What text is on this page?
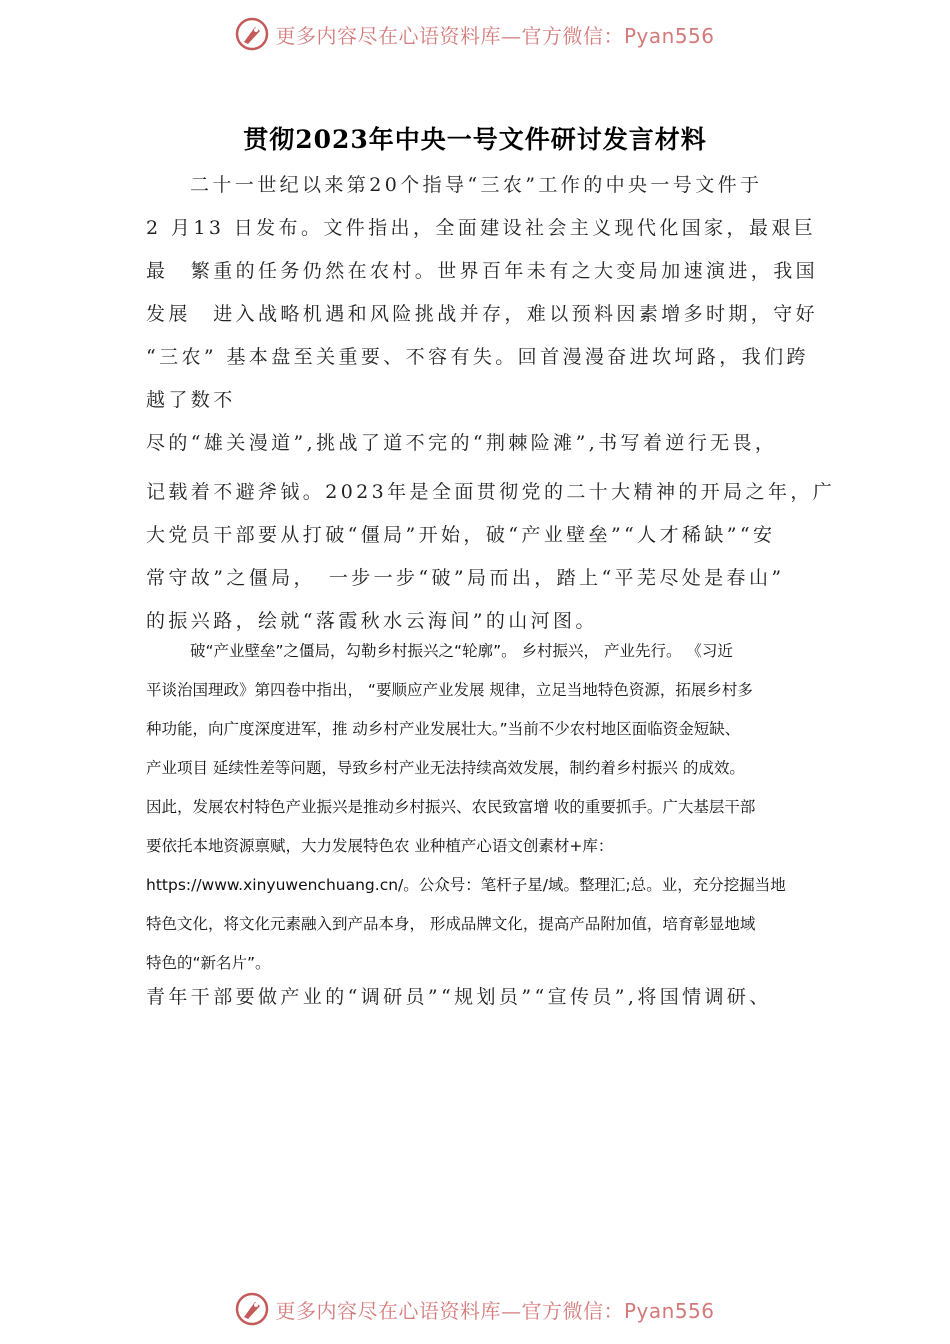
更多内容尽在心语资料库—官方微信：Pyan556
贯彻2023年中央一号文件研讨发言材料
二十一世纪以来第20个指导“三农”工作的中央一号文件于
2 月13 日发布。文件指出，全面建设社会主义现代化国家，最艰巨
最　繁重的任务仍然在农村。世界百年未有之大变局加速演进，我国
发展　进入战略机遇和风险挑战并存，难以预料因素增多时期，守好
“三农” 基本盘至关重要、不容有失。回首漫漫奋进坎坷路，我们跨
越了数不
尽的“雄关漫道”,挑战了道不完的“荆棘险滩”,书写着逆行无畏，
记载着不避斧钺。2023年是全面贯彻党的二十大精神的开局之年，广
大党员干部要从打破“僵局”开始，破“产业壁垒”“人才稀缺”“安
常守故”之僵局，　一步一步“破”局而出，踏上“平芜尽处是春山”
的振兴路，绘就“落霞秋水云海间”的山河图。
破“产业壁垒”之僵局，勾勒乡村振兴之“轮廓”。 乡村振兴， 产业先行。 《习近
平谈治国理政》第四卷中指出， “要顺应产业发展 规律，立足当地特色资源，拓展乡村多
种功能，向广度深度进军，推 动乡村产业发展壮大。”当前不少农村地区面临资金短缺、
产业项目 延续性差等问题，导致乡村产业无法持续高效发展，制约着乡村振兴 的成效。
因此，发展农村特色产业振兴是推动乡村振兴、农民致富增 收的重要抓手。广大基层干部
要依托本地资源禀赋，大力发展特色农 业种植产心语文创素材+库：
https://www.xinyuwenchuang.cn/。公众号：笔杆子星/域。整理汇;总。业，充分挖掘当地
特色文化，将文化元素融入到产品本身， 形成品牌文化，提高产品附加值，培育彰显地域
特色的“新名片”。
青年干部要做产业的“调研员”“规划员”“宣传员”,将国情调研、
更多内容尽在心语资料库—官方微信：Pyan556
